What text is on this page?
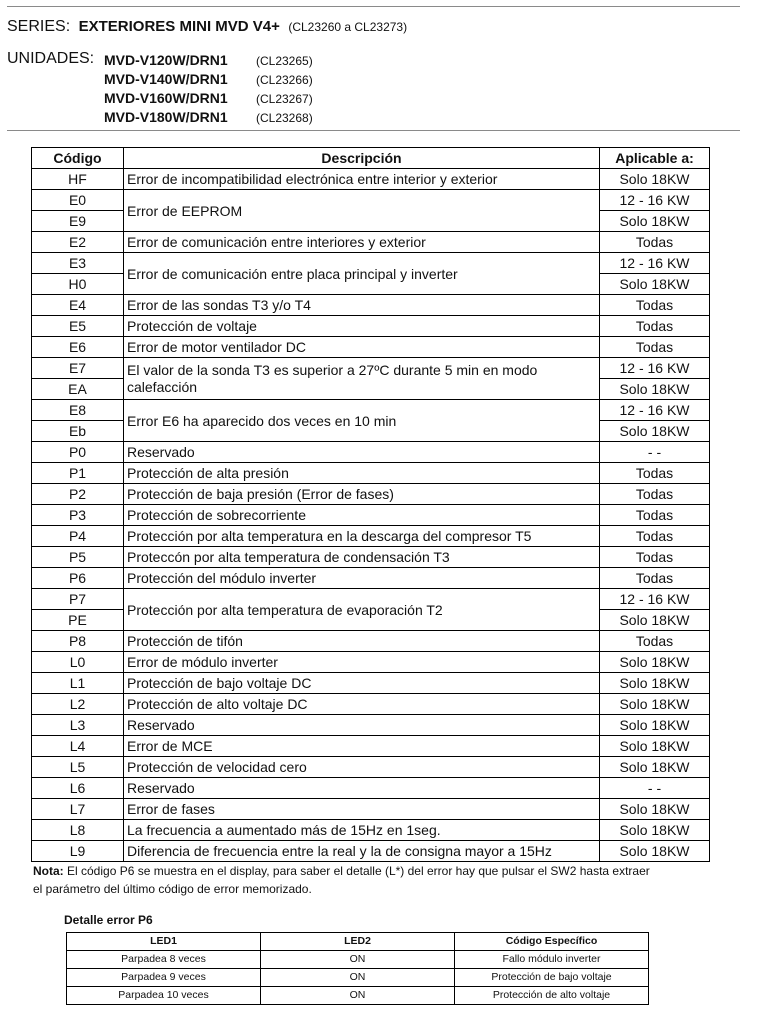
SERIES: EXTERIORES MINI MVD V4+ (CL23260 a CL23273)
UNIDADES: MVD-V120W/DRN1 (CL23265)
MVD-V140W/DRN1 (CL23266)
MVD-V160W/DRN1 (CL23267)
MVD-V180W/DRN1 (CL23268)
Código	Descripción	Aplicable a:
HF	Error de incompatibilidad electrónica entre interior y exterior	Solo 18KW
E0	Error de EEPROM	12 - 16 KW
E9		Solo 18KW
E2	Error de comunicación entre interiores y exterior	Todas
E3	Error de comunicación entre placa principal y inverter	12 - 16 KW
H0		Solo 18KW
E4	Error de las sondas T3 y/o T4	Todas
E5	Protección de voltaje	Todas
E6	Error de motor ventilador DC	Todas
E7	El valor de la sonda T3 es superior a 27ºC durante 5 min en modo calefacción	12 - 16 KW
EA		Solo 18KW
E8	Error E6 ha aparecido dos veces en 10 min	12 - 16 KW
Eb		Solo 18KW
P0	Reservado	- -
P1	Protección de alta presión	Todas
P2	Protección de baja presión (Error de fases)	Todas
P3	Protección de sobrecorriente	Todas
P4	Protección por alta temperatura en la descarga del compresor T5	Todas
P5	Proteccón por alta temperatura de condensación T3	Todas
P6	Protección del módulo inverter	Todas
P7	Protección por alta temperatura de evaporación T2	12 - 16 KW
PE		Solo 18KW
P8	Protección de tifón	Todas
L0	Error de módulo inverter	Solo 18KW
L1	Protección de bajo voltaje DC	Solo 18KW
L2	Protección de alto voltaje DC	Solo 18KW
L3	Reservado	Solo 18KW
L4	Error de MCE	Solo 18KW
L5	Protección de velocidad cero	Solo 18KW
L6	Reservado	- -
L7	Error de fases	Solo 18KW
L8	La frecuencia a aumentado más de 15Hz en 1seg.	Solo 18KW
L9	Diferencia de frecuencia entre la real y la de consigna mayor a 15Hz	Solo 18KW
Nota: El código P6 se muestra en el display, para saber el detalle (L*) del error hay que pulsar el SW2 hasta extraer el parámetro del último código de error memorizado.
Detalle error P6
LED1	LED2	Código Específico
Parpadea 8 veces	ON	Fallo módulo inverter
Parpadea 9 veces	ON	Protección de bajo voltaje
Parpadea 10 veces	ON	Protección de alto voltaje
